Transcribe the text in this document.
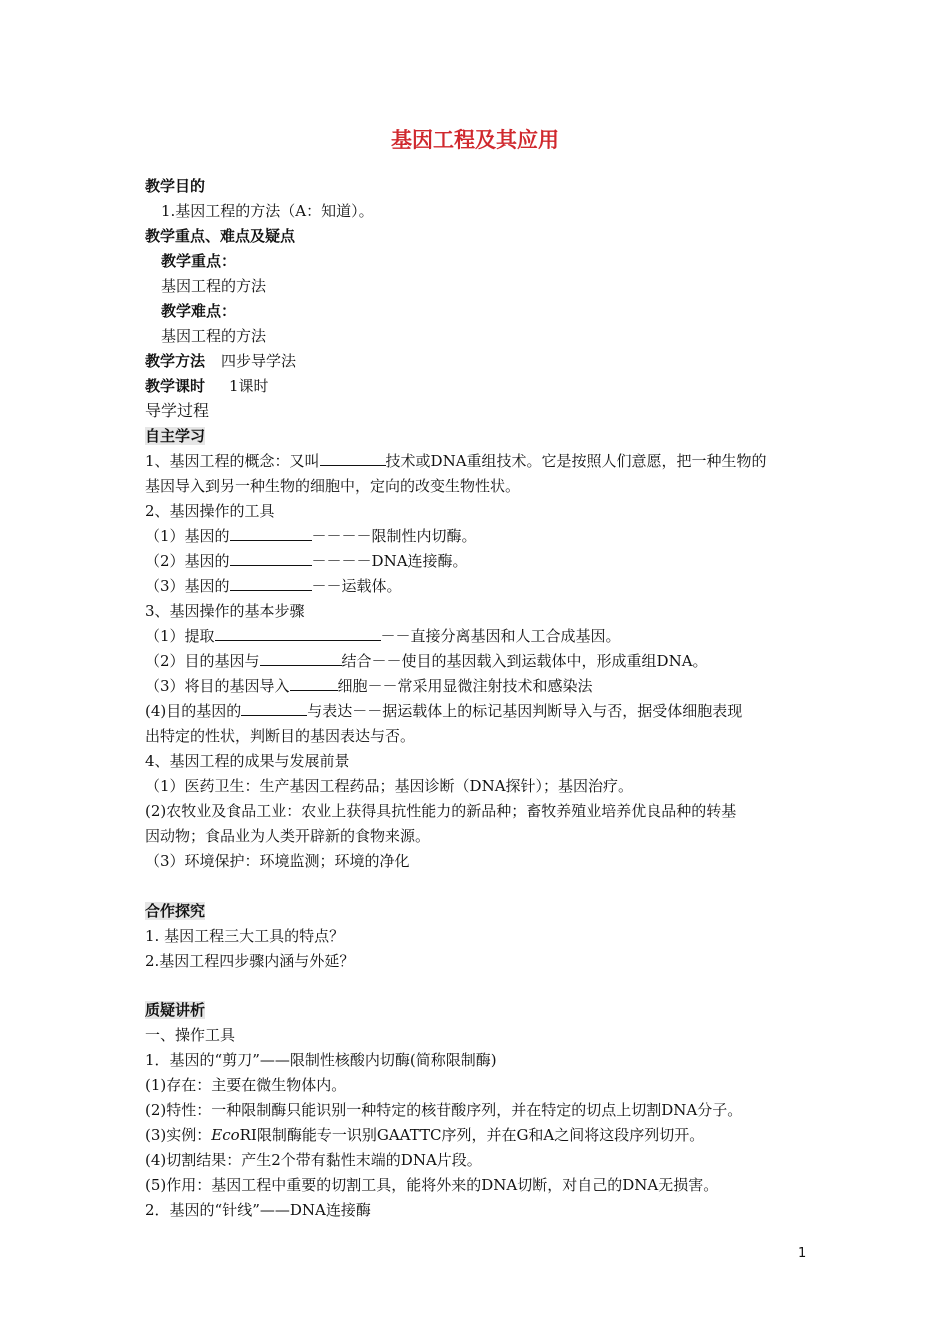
基因工程及其应用
教学目的
1.基因工程的方法（A：知道）。
教学重点、难点及疑点
教学重点：
基因工程的方法
教学难点：
基因工程的方法
教学方法 四步导学法
教学课时 1课时
导学过程
自主学习
1、基因工程的概念：又叫	技术或DNA重组技术。它是按照人们意愿，把一种生物的
基因导入到另一种生物的细胞中，定向的改变生物性状。
2、基因操作的工具
（1）基因的	－－－－限制性内切酶。
（2）基因的	－－－－DNA连接酶。
（3）基因的	－－运载体。
3、基因操作的基本步骤
（1）提取	－－直接分离基因和人工合成基因。
（2）目的基因与	结合－－使目的基因载入到运载体中，形成重组DNA。
（3）将目的基因导入	细胞－－常采用显微注射技术和感染法
(4)目的基因的	与表达－－据运载体上的标记基因判断导入与否，据受体细胞表现
出特定的性状，判断目的基因表达与否。
4、基因工程的成果与发展前景
（1）医药卫生：生产基因工程药品；基因诊断（DNA探针）；基因治疗。
(2)农牧业及食品工业：农业上获得具抗性能力的新品种；畜牧养殖业培养优良品种的转基
因动物；食品业为人类开辟新的食物来源。
（3）环境保护：环境监测；环境的净化
合作探究
1. 基因工程三大工具的特点？
2.基因工程四步骤内涵与外延？
质疑讲析
一、操作工具
1．基因的“剪刀”——限制性核酸内切酶(简称限制酶)
(1)存在：主要在微生物体内。
(2)特性：一种限制酶只能识别一种特定的核苷酸序列，并在特定的切点上切割DNA分子。
(3)实例：EcoRⅠ限制酶能专一识别GAATTC序列，并在G和A之间将这段序列切开。
(4)切割结果：产生2个带有黏性末端的DNA片段。
(5)作用：基因工程中重要的切割工具，能将外来的DNA切断，对自己的DNA无损害。
2．基因的“针线”——DNA连接酶
1
